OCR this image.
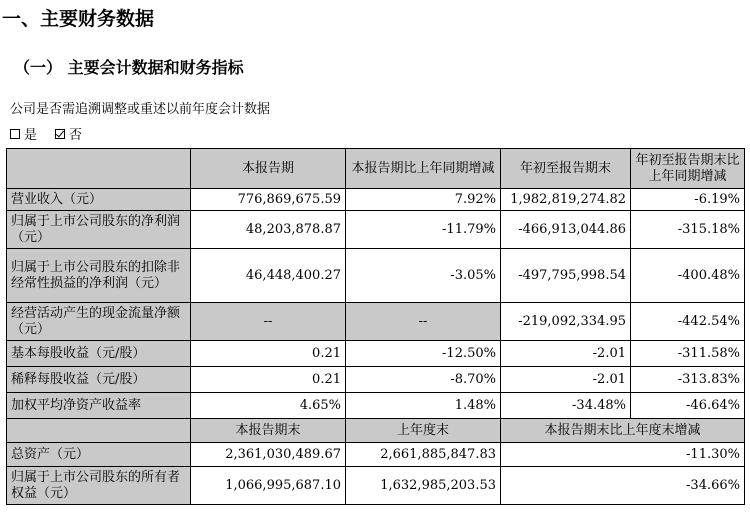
一、主要财务数据
（一） 主要会计数据和财务指标
公司是否需追溯调整或重述以前年度会计数据
是 否
	本报告期	本报告期比上年同期增减	年初至报告期末	年初至报告期末比上年同期增减
营业收入（元）	776,869,675.59	7.92%	1,982,819,274.82	-6.19%
归属于上市公司股东的净利润（元）	48,203,878.87	-11.79%	-466,913,044.86	-315.18%
归属于上市公司股东的扣除非经常性损益的净利润（元）	46,448,400.27	-3.05%	-497,795,998.54	-400.48%
经营活动产生的现金流量净额（元）	--	--	-219,092,334.95	-442.54%
基本每股收益（元/股）	0.21	-12.50%	-2.01	-311.58%
稀释每股收益（元/股）	0.21	-8.70%	-2.01	-313.83%
加权平均净资产收益率	4.65%	1.48%	-34.48%	-46.64%
	本报告期末	上年度末	本报告期末比上年度末增减	
总资产（元）	2,361,030,489.67	2,661,885,847.83	-11.30%	
归属于上市公司股东的所有者权益（元）	1,066,995,687.10	1,632,985,203.53	-34.66%	
